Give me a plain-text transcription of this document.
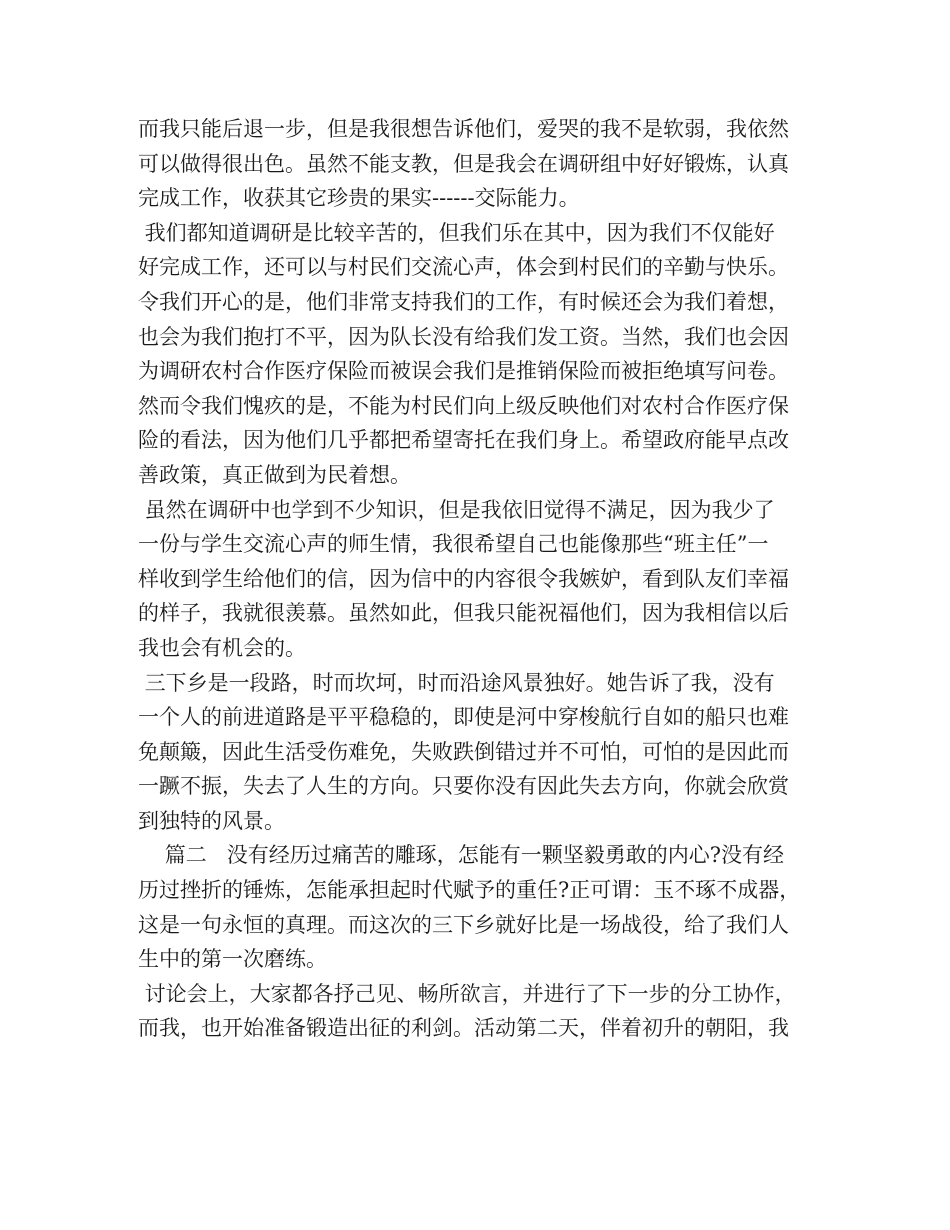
而我只能后退一步，但是我很想告诉他们，爱哭的我不是软弱，我依然
可以做得很出色。虽然不能支教，但是我会在调研组中好好锻炼，认真
完成工作，收获其它珍贵的果实------交际能力。
我们都知道调研是比较辛苦的，但我们乐在其中，因为我们不仅能好
好完成工作，还可以与村民们交流心声，体会到村民们的辛勤与快乐。
令我们开心的是，他们非常支持我们的工作，有时候还会为我们着想，
也会为我们抱打不平，因为队长没有给我们发工资。当然，我们也会因
为调研农村合作医疗保险而被误会我们是推销保险而被拒绝填写问卷。
然而令我们愧疚的是，不能为村民们向上级反映他们对农村合作医疗保
险的看法，因为他们几乎都把希望寄托在我们身上。希望政府能早点改
善政策，真正做到为民着想。
虽然在调研中也学到不少知识，但是我依旧觉得不满足，因为我少了
一份与学生交流心声的师生情，我很希望自己也能像那些“班主任”一
样收到学生给他们的信，因为信中的内容很令我嫉妒，看到队友们幸福
的样子，我就很羡慕。虽然如此，但我只能祝福他们，因为我相信以后
我也会有机会的。
三下乡是一段路，时而坎坷，时而沿途风景独好。她告诉了我，没有
一个人的前进道路是平平稳稳的，即使是河中穿梭航行自如的船只也难
免颠簸，因此生活受伤难免，失败跌倒错过并不可怕，可怕的是因此而
一蹶不振，失去了人生的方向。只要你没有因此失去方向，你就会欣赏
到独特的风景。
篇二   没有经历过痛苦的雕琢，怎能有一颗坚毅勇敢的内心?没有经
历过挫折的锤炼，怎能承担起时代赋予的重任?正可谓：玉不琢不成器，
这是一句永恒的真理。而这次的三下乡就好比是一场战役，给了我们人
生中的第一次磨练。
讨论会上，大家都各抒己见、畅所欲言，并进行了下一步的分工协作，
而我，也开始准备锻造出征的利剑。活动第二天，伴着初升的朝阳，我
